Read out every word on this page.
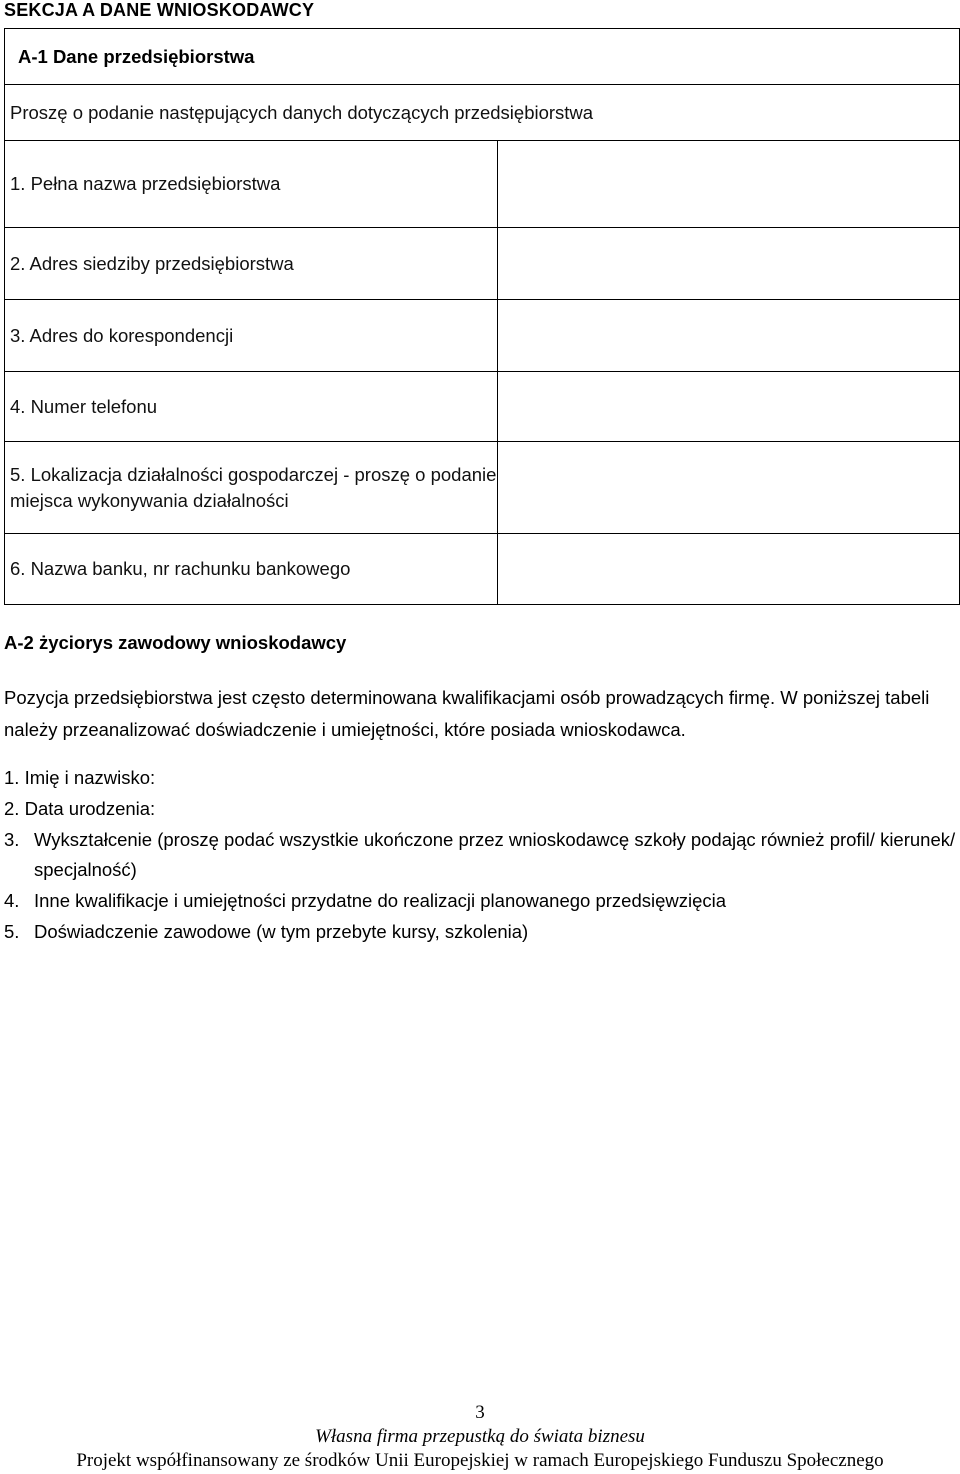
SEKCJA A DANE WNIOSKODAWCY
A-1 Dane przedsiębiorstwa	
Proszę o podanie następujących danych dotyczących przedsiębiorstwa	
1. Pełna nazwa przedsiębiorstwa	
2. Adres siedziby przedsiębiorstwa	
3. Adres do korespondencji	
4. Numer telefonu	
5. Lokalizacja działalności gospodarczej - proszę o podanie miejsca wykonywania działalności	
6. Nazwa banku, nr rachunku bankowego	
A-2 życiorys zawodowy wnioskodawcy
Pozycja przedsiębiorstwa jest często determinowana kwalifikacjami osób prowadzących firmę. W poniższej tabeli należy przeanalizować doświadczenie i umiejętności, które posiada wnioskodawca.
1. Imię i nazwisko:
2. Data urodzenia:
3. Wykształcenie (proszę podać wszystkie ukończone przez wnioskodawcę szkoły podając również profil/ kierunek/ specjalność)
4. Inne kwalifikacje i umiejętności przydatne do realizacji planowanego przedsięwzięcia
5. Doświadczenie zawodowe (w tym przebyte kursy, szkolenia)
3
Własna firma przepustką do świata biznesu
Projekt współfinansowany ze środków Unii Europejskiej w ramach Europejskiego Funduszu Społecznego
